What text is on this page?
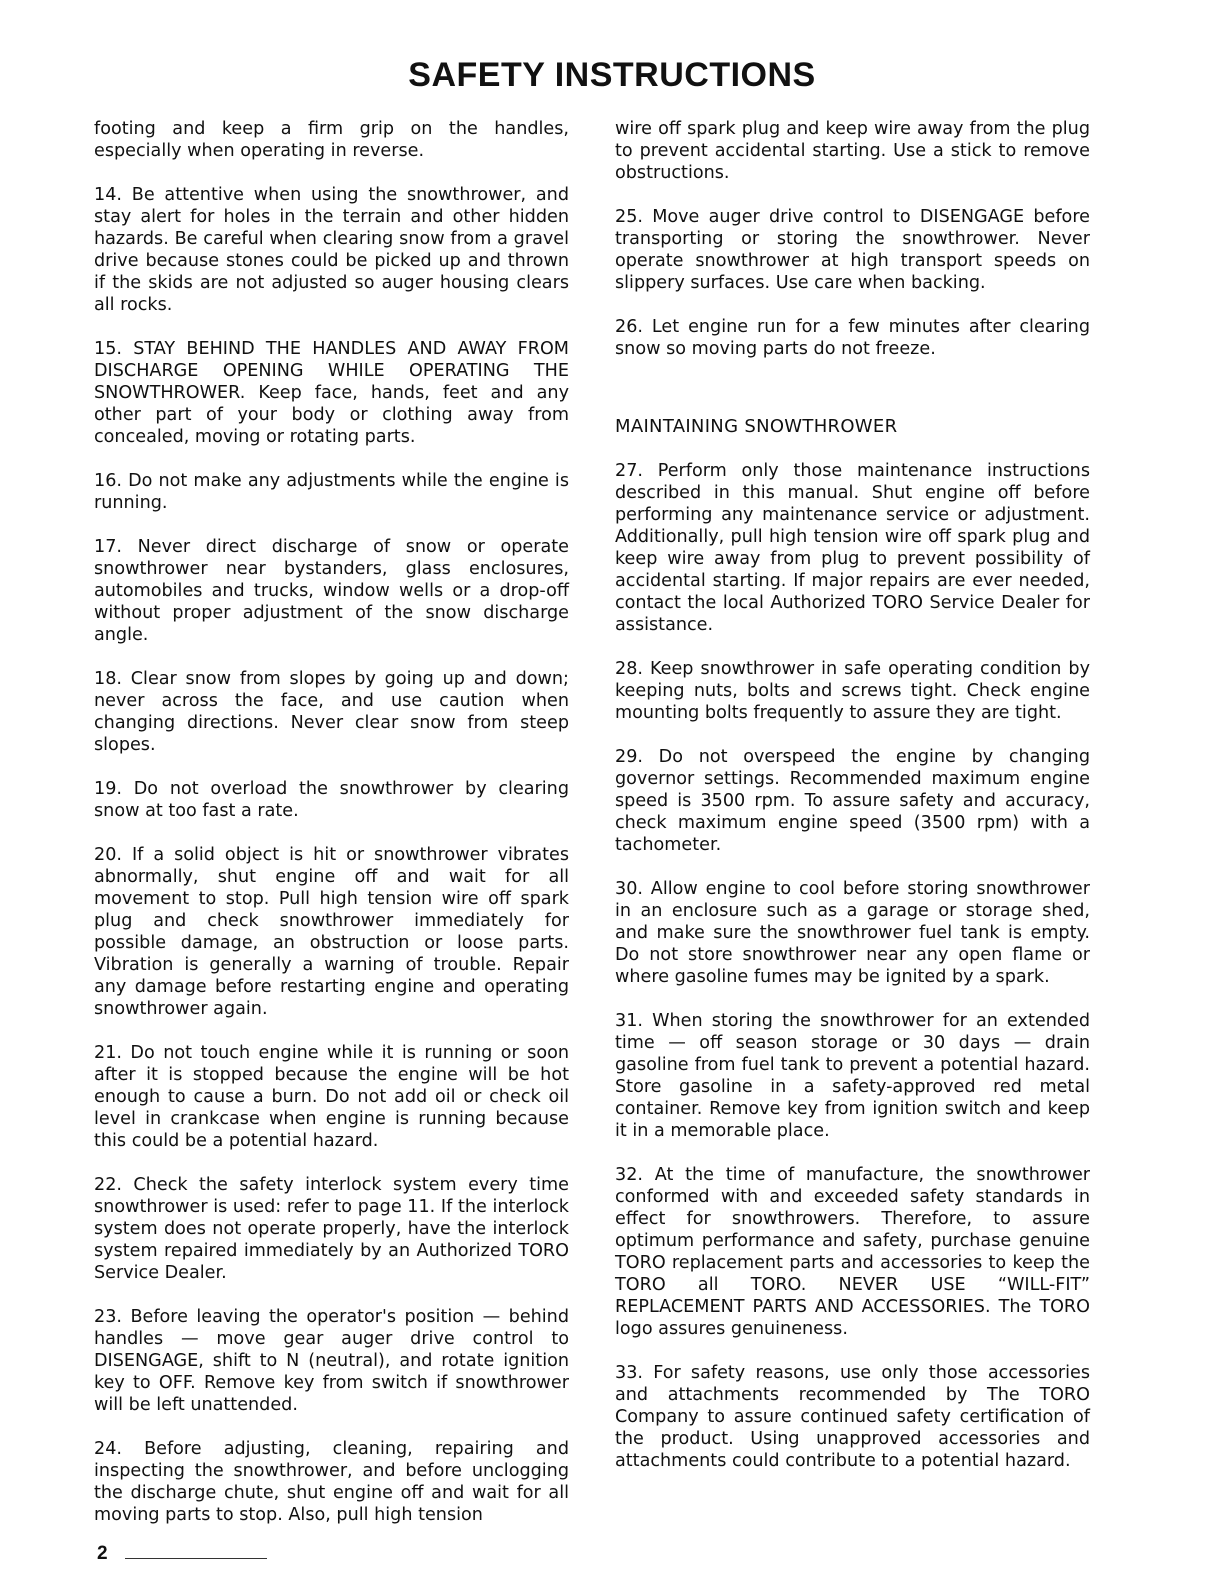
SAFETY INSTRUCTIONS

footing and keep a firm grip on the handles, especially when operating in reverse.

14. Be attentive when using the snowthrower, and stay alert for holes in the terrain and other hidden hazards. Be careful when clearing snow from a gravel drive because stones could be picked up and thrown if the skids are not adjusted so auger housing clears all rocks.

15. STAY BEHIND THE HANDLES AND AWAY FROM DISCHARGE OPENING WHILE OPERATING THE SNOWTHROWER. Keep face, hands, feet and any other part of your body or clothing away from concealed, moving or rotating parts.

16. Do not make any adjustments while the engine is running.

17. Never direct discharge of snow or operate snowthrower near bystanders, glass enclosures, automobiles and trucks, window wells or a drop-off without proper adjustment of the snow discharge angle.

18. Clear snow from slopes by going up and down; never across the face, and use caution when changing directions. Never clear snow from steep slopes.

19. Do not overload the snowthrower by clearing snow at too fast a rate.

20. If a solid object is hit or snowthrower vibrates abnormally, shut engine off and wait for all movement to stop. Pull high tension wire off spark plug and check snowthrower immediately for possible damage, an obstruction or loose parts. Vibration is generally a warning of trouble. Repair any damage before restarting engine and operating snowthrower again.

21. Do not touch engine while it is running or soon after it is stopped because the engine will be hot enough to cause a burn. Do not add oil or check oil level in crankcase when engine is running because this could be a potential hazard.

22. Check the safety interlock system every time snowthrower is used: refer to page 11. If the interlock system does not operate properly, have the interlock system repaired immediately by an Authorized TORO Service Dealer.

23. Before leaving the operator's position — behind handles — move gear auger drive control to DISENGAGE, shift to N (neutral), and rotate ignition key to OFF. Remove key from switch if snowthrower will be left unattended.

24. Before adjusting, cleaning, repairing and inspecting the snowthrower, and before unclogging the discharge chute, shut engine off and wait for all moving parts to stop. Also, pull high tension

wire off spark plug and keep wire away from the plug to prevent accidental starting. Use a stick to remove obstructions.

25. Move auger drive control to DISENGAGE before transporting or storing the snowthrower. Never operate snowthrower at high transport speeds on slippery surfaces. Use care when backing.

26. Let engine run for a few minutes after clearing snow so moving parts do not freeze.

MAINTAINING SNOWTHROWER

27. Perform only those maintenance instructions described in this manual. Shut engine off before performing any maintenance service or adjustment. Additionally, pull high tension wire off spark plug and keep wire away from plug to prevent possibility of accidental starting. If major repairs are ever needed, contact the local Authorized TORO Service Dealer for assistance.

28. Keep snowthrower in safe operating condition by keeping nuts, bolts and screws tight. Check engine mounting bolts frequently to assure they are tight.

29. Do not overspeed the engine by changing governor settings. Recommended maximum engine speed is 3500 rpm. To assure safety and accuracy, check maximum engine speed (3500 rpm) with a tachometer.

30. Allow engine to cool before storing snowthrower in an enclosure such as a garage or storage shed, and make sure the snowthrower fuel tank is empty. Do not store snowthrower near any open flame or where gasoline fumes may be ignited by a spark.

31. When storing the snowthrower for an extended time — off season storage or 30 days — drain gasoline from fuel tank to prevent a potential hazard. Store gasoline in a safety-approved red metal container. Remove key from ignition switch and keep it in a memorable place.

32. At the time of manufacture, the snowthrower conformed with and exceeded safety standards in effect for snowthrowers. Therefore, to assure optimum performance and safety, purchase genuine TORO replacement parts and accessories to keep the TORO all TORO. NEVER USE “WILL-FIT” REPLACEMENT PARTS AND ACCESSORIES. The TORO logo assures genuineness.

33. For safety reasons, use only those accessories and attachments recommended by The TORO Company to assure continued safety certification of the product. Using unapproved accessories and attachments could contribute to a potential hazard.

2
